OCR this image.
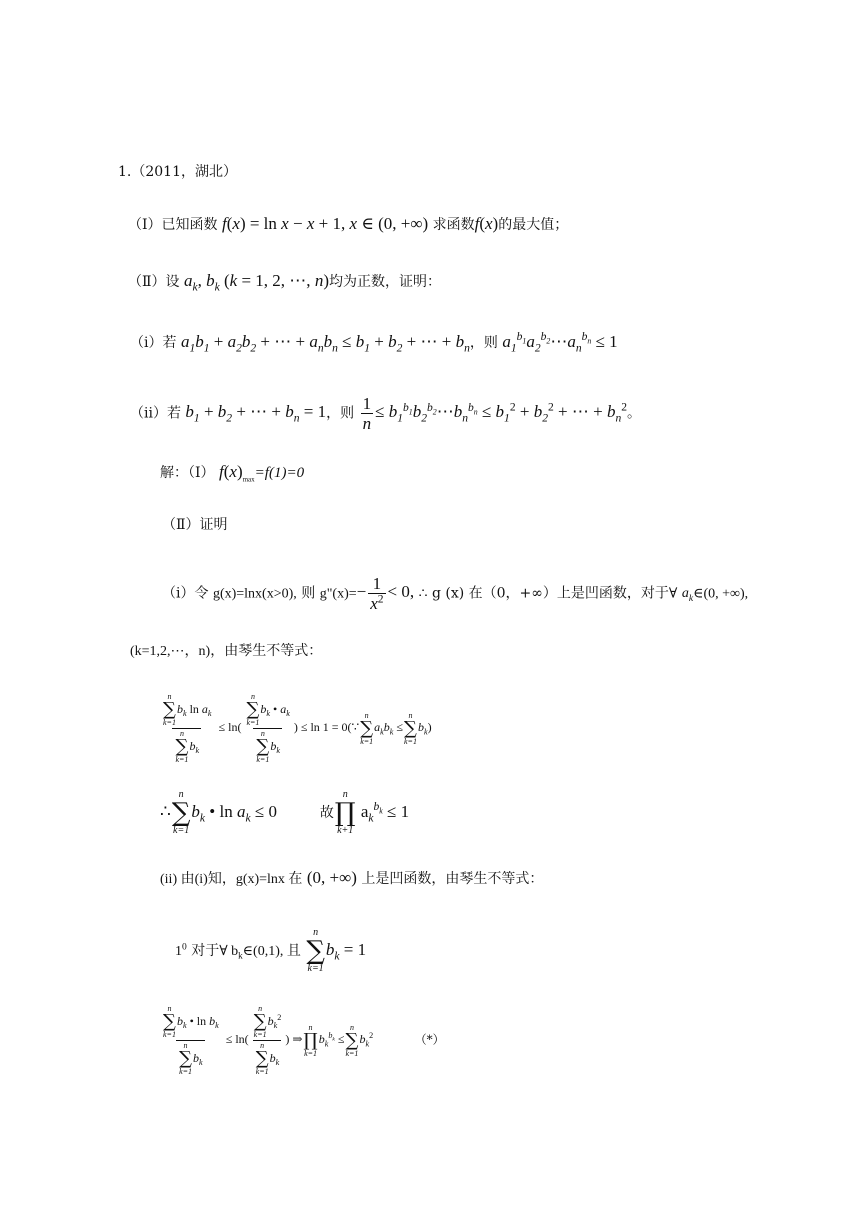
1.（2011，湖北）
（Ⅰ）已知函数 f(x) = ln x − x + 1, x ∈ (0, +∞) 求函数f(x)的最大值；
（Ⅱ）设 $a_k$, $b_k$ (k = 1, 2, ⋯, n)均为正数，证明：
（i）若 $a_1b_1 + a_2b_2$ + ⋯ + $a_nb_n \le b_1 + b_2$ + ⋯ + $b_n$，则 $a_1^{b_1}a_2^{b_2}\cdots a_n^{b_n} \le 1$
（ii）若 $b_1 + b_2$ + ⋯ + $b_n = 1$，则 $\frac{1}{n}$ ≤ $b_1^{b_1}b_2^{b_2}\cdots b_n^{b_n} \le b_1^2 + b_2^2$ + ⋯ + $b_n^2$。
解：（Ⅰ） $f(x)_{max}=f(1)=0$
（Ⅱ）证明
（i）令 g(x)=lnx(x>0), 则 g"(x)=− $\frac{1}{x^2} < 0$, ∴ g (x) 在（0，+∞）上是凹函数，对于∀ $a_k\in(0$, +∞),
(k=1,2,⋯，n)，由琴生不等式：
n
∑
k=1
$b_k$ $\ln a_k$
n
∑
k=1
$b_k \le \ln$( n
∑
k=1
$b_k$ • $a_k$
n
∑
k=1
$b_k$ ) ≤ ln 1 = 0(∵
n
∑
k=1
$a_kb_k$ ≤
n
∑
k=1
$b_k$)
∴
n
∑
k=1
$b_k$ • $\ln a_k \le 0$	故
n
∏
k+1
$a_k^{b_k} \le 1$
(ii) 由(i)知，g(x)=lnx 在 (0, +∞) 上是凹函数，由琴生不等式：
$1^0$ 对于∀ $b_k\in(0,1)$, 且
n
∑
k=1
$b_k = 1$
n
∑
k=1
$b_k$ • $\ln b_k$
n
∑
k=1
$b_k \le \ln$( n
∑
k=1
$b_k^2$
n
∑
k=1
$b_k$ ) ⇒
n
∏
k=1
$b_k^{b_k}$ ≤
n
∑
k=1
$b_k^2$	（*）
